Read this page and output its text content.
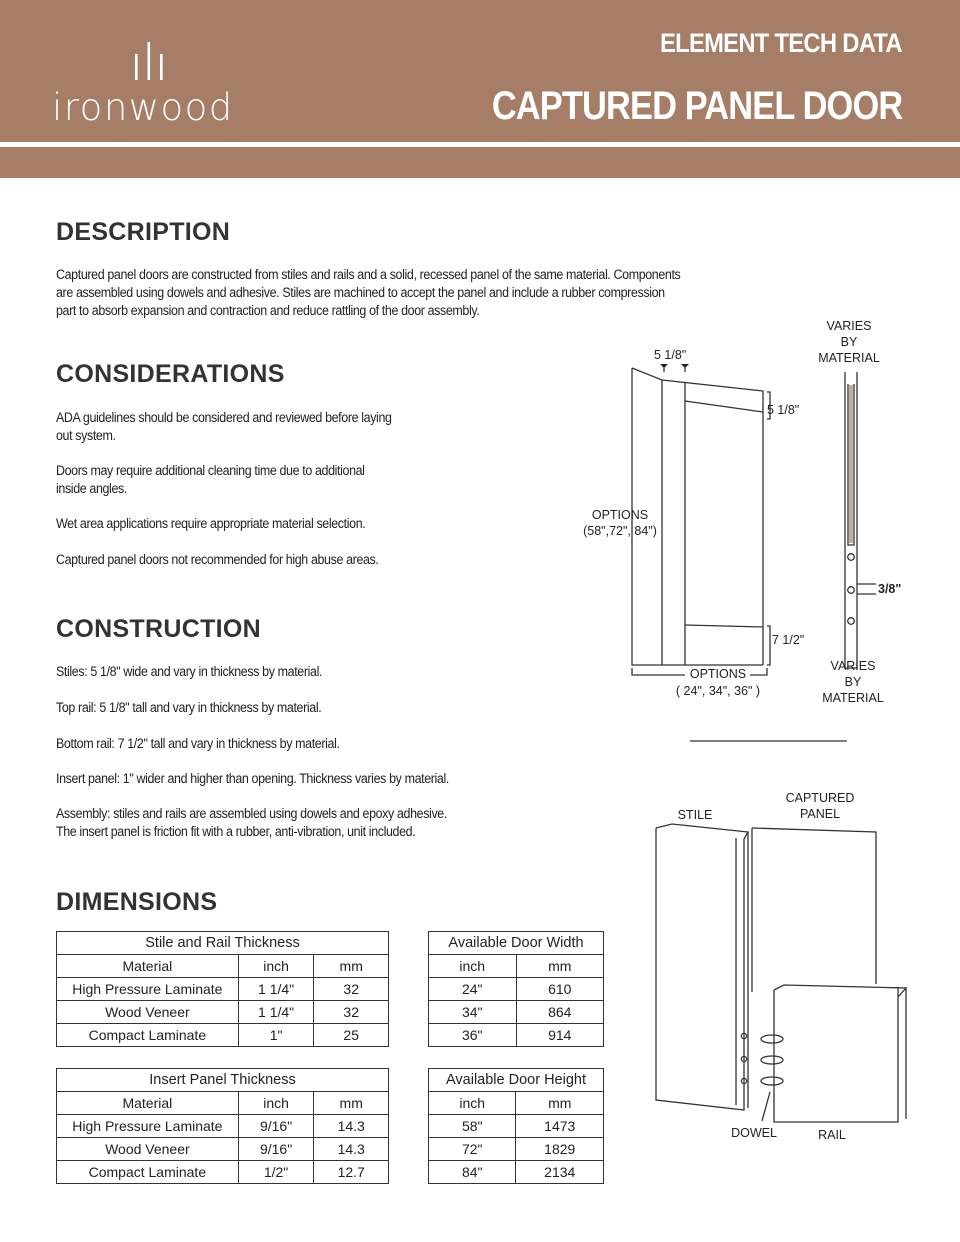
ironwood
ELEMENT TECH DATA
CAPTURED PANEL DOOR
DESCRIPTION
Captured panel doors are constructed from stiles and rails and a solid, recessed panel of the same material. Components
are assembled using dowels and adhesive. Stiles are machined to accept the panel and include a rubber compression
part to absorb expansion and contraction and reduce rattling of the door assembly.
CONSIDERATIONS
ADA guidelines should be considered and reviewed before laying
out system.
Doors may require additional cleaning time due to additional
inside angles.
Wet area applications require appropriate material selection.
Captured panel doors not recommended for high abuse areas.
CONSTRUCTION
Stiles: 5 1/8" wide and vary in thickness by material.
Top rail: 5 1/8" tall and vary in thickness by material.
Bottom rail: 7 1/2" tall and vary in thickness by material.
Insert panel: 1" wider and higher than opening. Thickness varies by material.
Assembly: stiles and rails are assembled using dowels and epoxy adhesive.
The insert panel is friction fit with a rubber, anti-vibration, unit included.
DIMENSIONS
Stile and Rail Thickness		
Material	inch	mm
High Pressure Laminate	1 1/4"	32
Wood Veneer	1 1/4"	32
Compact Laminate	1"	25
Available Door Width	
inch	mm
24"	610
34"	864
36"	914
Insert Panel Thickness		
Material	inch	mm
High Pressure Laminate	9/16"	14.3
Wood Veneer	9/16"	14.3
Compact Laminate	1/2"	12.7
Available Door Height	
inch	mm
58"	1473
72"	1829
84"	2134
5 1/8"
5 1/8"
7 1/2"
OPTIONS
(58",72", 84")
OPTIONS
( 24", 34", 36" )
VARIES
BY
MATERIAL
VARIES
BY
MATERIAL
3/8"
STILE
CAPTURED
PANEL
DOWEL	RAIL
